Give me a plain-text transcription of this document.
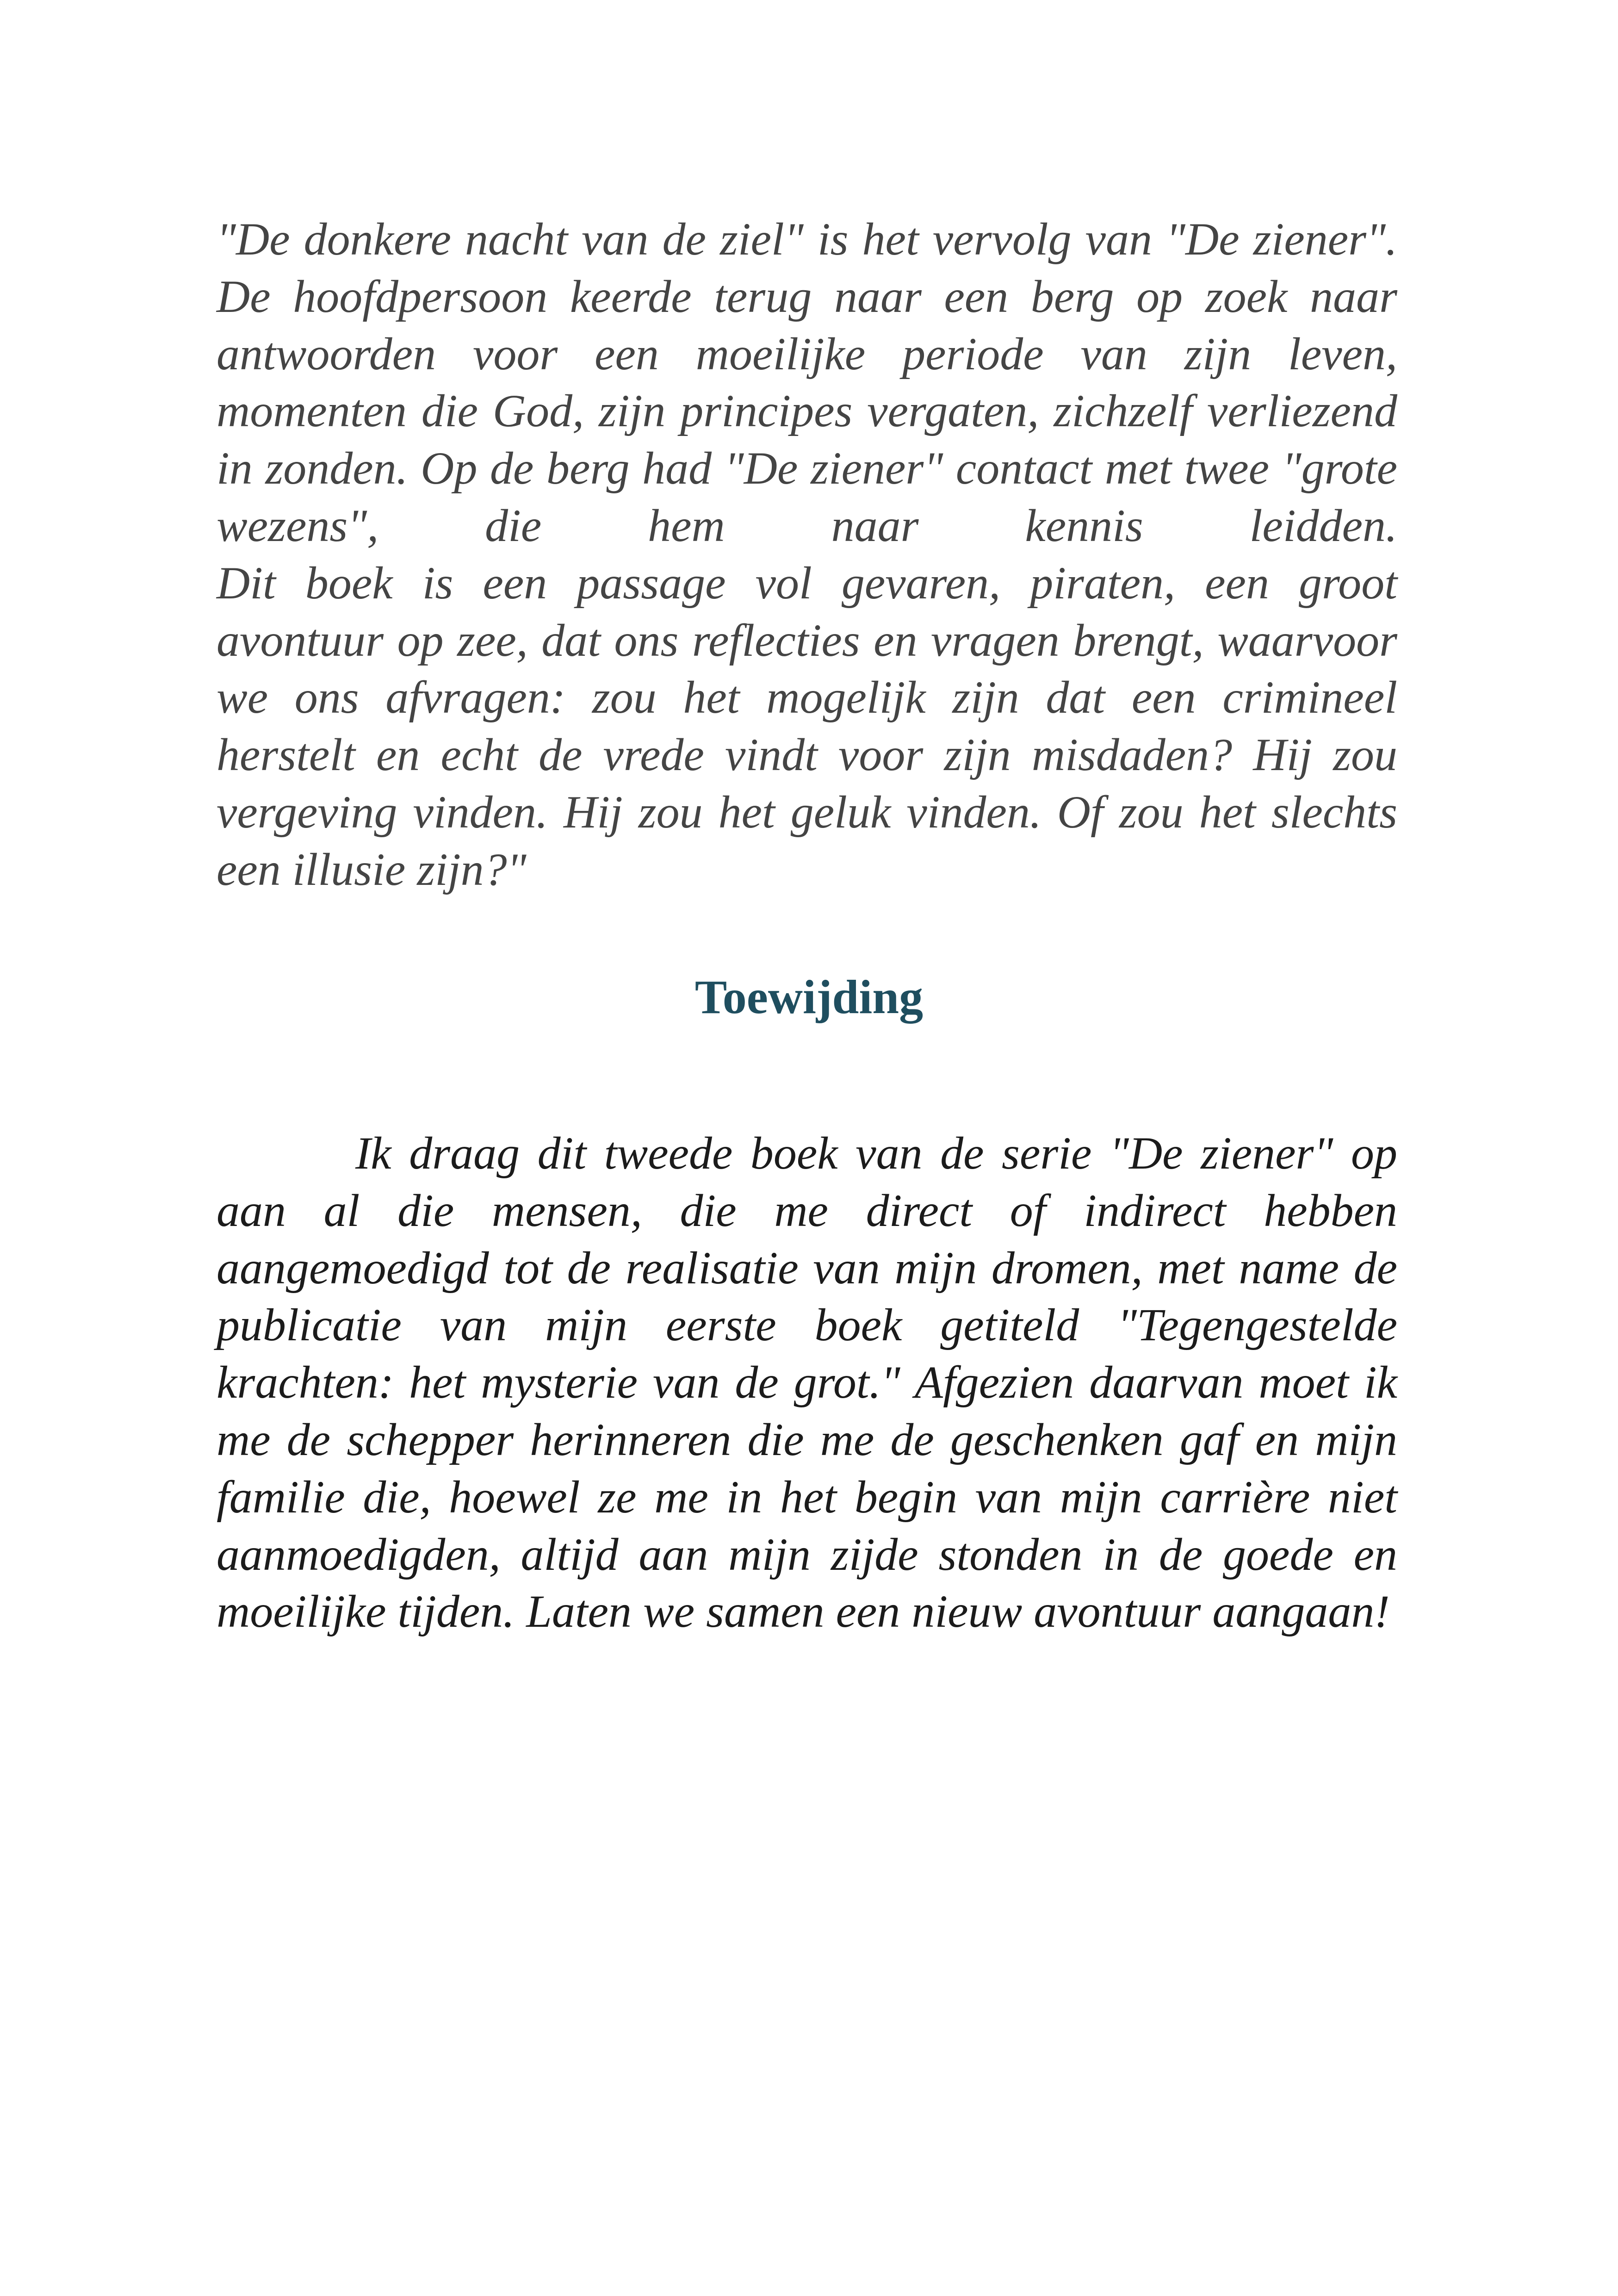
"De donkere nacht van de ziel" is het vervolg van "De ziener". De hoofdpersoon keerde terug naar een berg op zoek naar antwoorden voor een moeilijke periode van zijn leven, momenten die God, zijn principes vergaten, zichzelf verliezend in zonden. Op de berg had "De ziener" contact met twee "grote wezens", die hem naar kennis leidden.
Dit boek is een passage vol gevaren, piraten, een groot avontuur op zee, dat ons reflecties en vragen brengt, waarvoor we ons afvragen: zou het mogelijk zijn dat een crimineel herstelt en echt de vrede vindt voor zijn misdaden? Hij zou vergeving vinden. Hij zou het geluk vinden. Of zou het slechts een illusie zijn?"
Toewijding

Ik draag dit tweede boek van de serie "De ziener" op aan al die mensen, die me direct of indirect hebben aangemoedigd tot de realisatie van mijn dromen, met name de publicatie van mijn eerste boek getiteld "Tegengestelde krachten: het mysterie van de grot." Afgezien daarvan moet ik me de schepper herinneren die me de geschenken gaf en mijn familie die, hoewel ze me in het begin van mijn carrière niet aanmoedigden, altijd aan mijn zijde stonden in de goede en moeilijke tijden. Laten we samen een nieuw avontuur aangaan!
